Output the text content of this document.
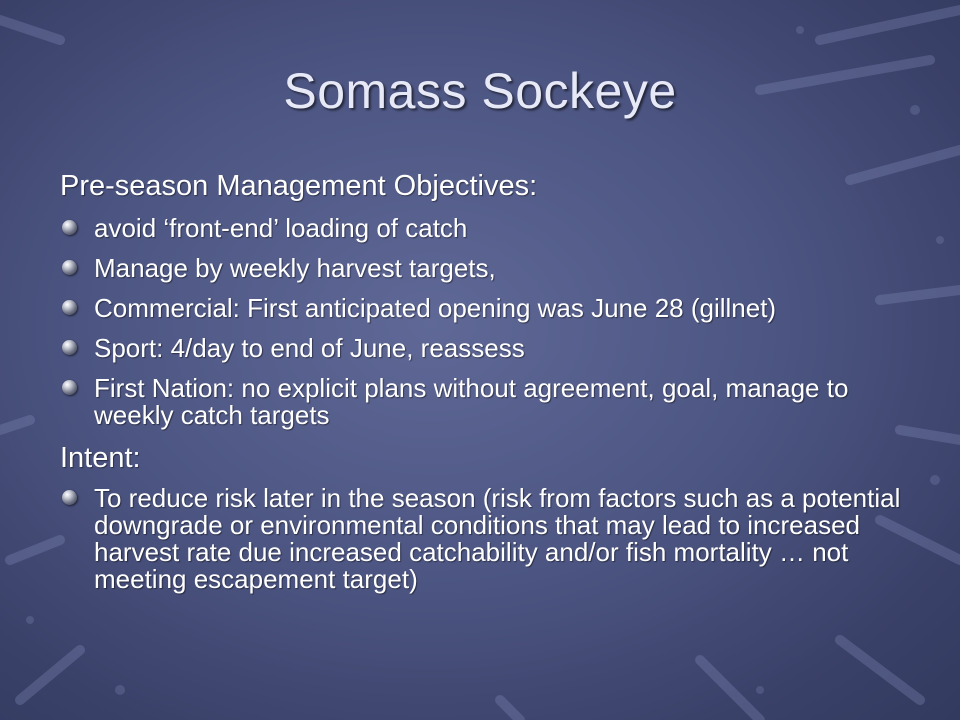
Somass Sockeye
Pre-season Management Objectives:
avoid ‘front-end’ loading of catch
Manage by weekly harvest targets,
Commercial: First anticipated opening was June 28 (gillnet)
Sport: 4/day to end of June, reassess
First Nation: no explicit plans without agreement, goal, manage to weekly catch targets
Intent:
To reduce risk later in the season (risk from factors such as a potential downgrade or environmental conditions that may lead to increased harvest rate due increased catchability and/or fish mortality … not meeting escapement target)
